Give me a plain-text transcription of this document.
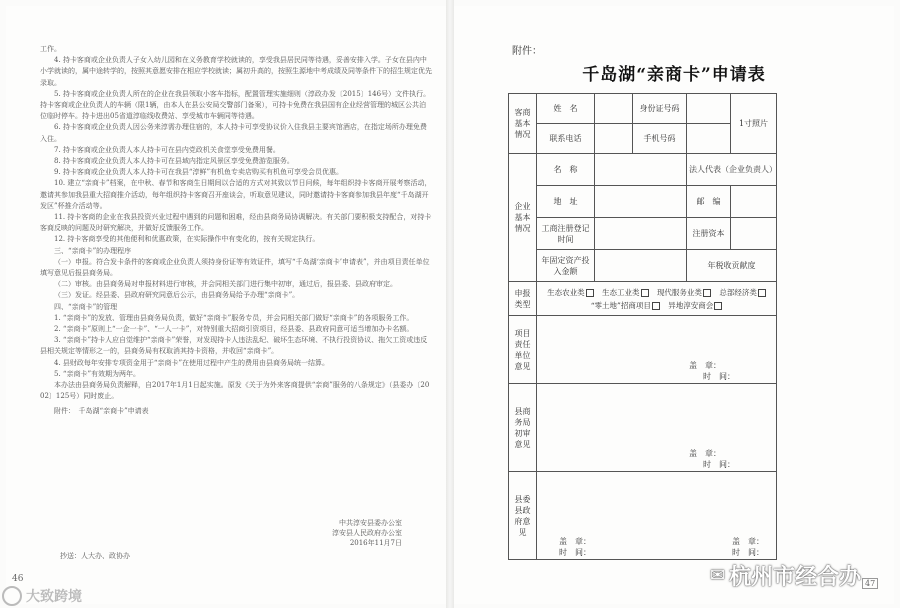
工作。

4. 持卡客商或企业负责人子女入幼儿园和在义务教育学校就读的，享受我县居民同等待遇，妥善安排入学。子女在县内中小学就读的，属中途转学的，按照其意愿安排在相应学校就读；属初升高的，按照生源地中考成绩及同等条件下的招生规定优先录取。

5. 持卡客商或企业负责人所在的企业在我县领取小客车指标，配置管理实施细则（淳政办发〔2015〕146号）文件执行。持卡客商或企业负责人的车辆（限1辆，由本人在县公安局交警部门备案），可持卡免费在我县国有企业经营管理的城区公共泊位临时停车。持卡进出05省道淳临线收费站、享受城市车辆同等待遇。

6. 持卡客商或企业负责人因公务来淳需办理住宿的，本人持卡可享受协议价入住我县主要宾馆酒店，在指定场所办理免费入住。

7. 持卡客商或企业负责人本人持卡可在县内党政机关食堂享受免费用餐。

8. 持卡客商或企业负责人本人持卡可在县域内指定风景区享受免费游览服务。

9. 持卡客商或企业负责人本人持卡可在我县“淳鲜”有机鱼专卖店购买有机鱼可享受会员优惠。

10. 建立“亲商卡”档案，在中秋、春节和客商生日期间以合适的方式对其致以节日问候，每年组织持卡客商开展考察活动，邀请其参加我县重大招商推介活动，每年组织持卡客商召开座谈会，听取意见建议，同时邀请持卡客商参加我县年度“千岛湖开发区”杯推介活动等。

11. 持卡客商的企业在我县投资兴业过程中遇到的问题和困难，经由县商务局协调解决。有关部门要积极支持配合，对持卡客商反映的问题及时研究解决，并做好反馈服务工作。

12. 持卡客商享受的其他便利和优惠政策，在实际操作中有变化的，按有关规定执行。

三、“亲商卡”的办理程序

（一）申报。符合发卡条件的客商或企业负责人须持身份证等有效证件，填写“千岛湖‘亲商卡’申请表”，并由项目责任单位填写意见后报县商务局。

（二）审核。由县商务局对申报材料进行审核，并会同相关部门进行集中初审，通过后，报县委、县政府审定。

（三）发证。经县委、县政府研究同意后公示，由县商务局给予办理“亲商卡”。

四、“亲商卡”的管理

1. “亲商卡”的发放、管理由县商务局负责，做好“亲商卡”服务专员，并会同相关部门做好“亲商卡”的各项服务工作。

2. “亲商卡”原则上“一企一卡”、“一人一卡”，对特别重大招商引资项目，经县委、县政府同意可适当增加办卡名额。

3. “亲商卡”持卡人应自觉维护“亲商卡”荣誉，对发现持卡人违法乱纪、破坏生态环境、不执行投资协议、拖欠工资或违反县相关规定等情形之一的，县商务局有权取消其持卡资格，并收回“亲商卡”。

4. 县财政每年安排专项资金用于“亲商卡”在使用过程中产生的费用由县商务局统一结算。

5. “亲商卡”有效期为两年。

本办法由县商务局负责解释，自2017年1月1日起实施。原发《关于为外来客商提供“亲商”服务的八条规定》（县委办〔2002〕125号）同时废止。

附件：　千岛湖“亲商卡”申请表

中共淳安县委办公室
淳安县人民政府办公室
2016年11月7日
抄送：人大办、政协办
46
大致跨境
附件：
千岛湖“亲商卡”申请表
客商基本情况	姓　名		身份证号码		1寸照片
	联系电话		手机号码		
企业基本情况	名　称			法人代表（企业负责人）	
	地　址			邮　编	
	工商注册登记时间			注册资本	
	年固定资产投入金额			年税收贡献度	
申报类型	生态农业类 生态工业类 现代服务业类 总部经济类
“零土地”招商项目 异地淳安商会				
项目责任单位意见	盖　章：
时　间：				

县商务局初审意见	盖　章：
时　间：				

县委县政府意见	盖　章：
时　间：
盖　章：
时　间：				
✉ 杭州市经合办 47
